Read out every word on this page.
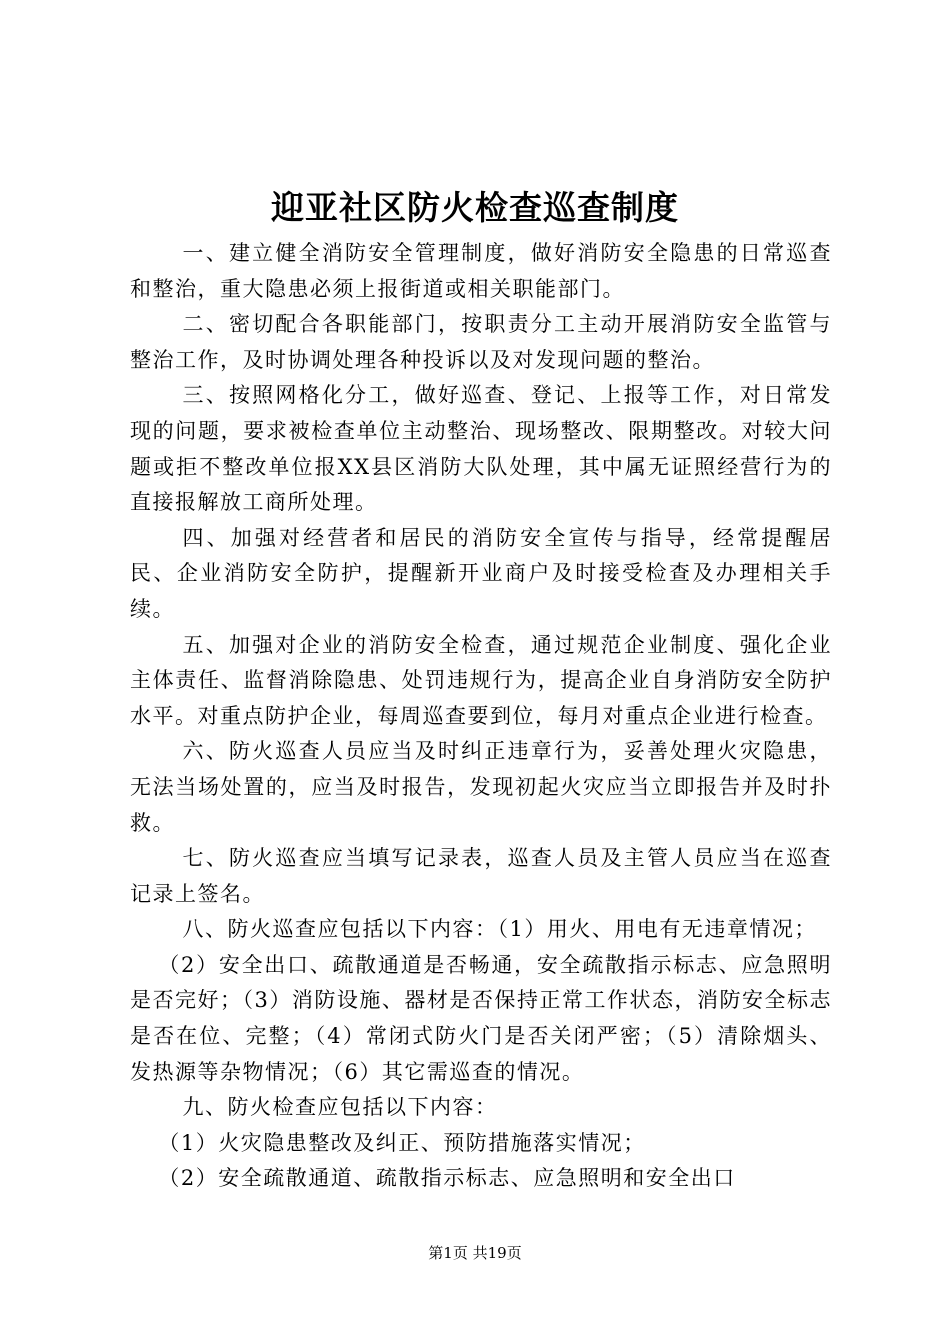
迎亚社区防火检查巡查制度

一、建立健全消防安全管理制度，做好消防安全隐患的日常巡查和整治，重大隐患必须上报街道或相关职能部门。

二、密切配合各职能部门，按职责分工主动开展消防安全监管与整治工作，及时协调处理各种投诉以及对发现问题的整治。

三、按照网格化分工，做好巡查、登记、上报等工作，对日常发现的问题，要求被检查单位主动整治、现场整改、限期整改。对较大问题或拒不整改单位报XX县区消防大队处理，其中属无证照经营行为的直接报解放工商所处理。

四、加强对经营者和居民的消防安全宣传与指导，经常提醒居民、企业消防安全防护，提醒新开业商户及时接受检查及办理相关手续。

五、加强对企业的消防安全检查，通过规范企业制度、强化企业主体责任、监督消除隐患、处罚违规行为，提高企业自身消防安全防护水平。对重点防护企业，每周巡查要到位，每月对重点企业进行检查。

六、防火巡查人员应当及时纠正违章行为，妥善处理火灾隐患，无法当场处置的，应当及时报告，发现初起火灾应当立即报告并及时扑救。

七、防火巡查应当填写记录表，巡查人员及主管人员应当在巡查记录上签名。

八、防火巡查应包括以下内容：（1）用火、用电有无违章情况；

（2）安全出口、疏散通道是否畅通，安全疏散指示标志、应急照明是否完好；（3）消防设施、器材是否保持正常工作状态，消防安全标志是否在位、完整；（4）常闭式防火门是否关闭严密；（5）清除烟头、发热源等杂物情况；（6）其它需巡查的情况。

九、防火检查应包括以下内容：

（1）火灾隐患整改及纠正、预防措施落实情况；

（2）安全疏散通道、疏散指示标志、应急照明和安全出口

第1页 共19页
